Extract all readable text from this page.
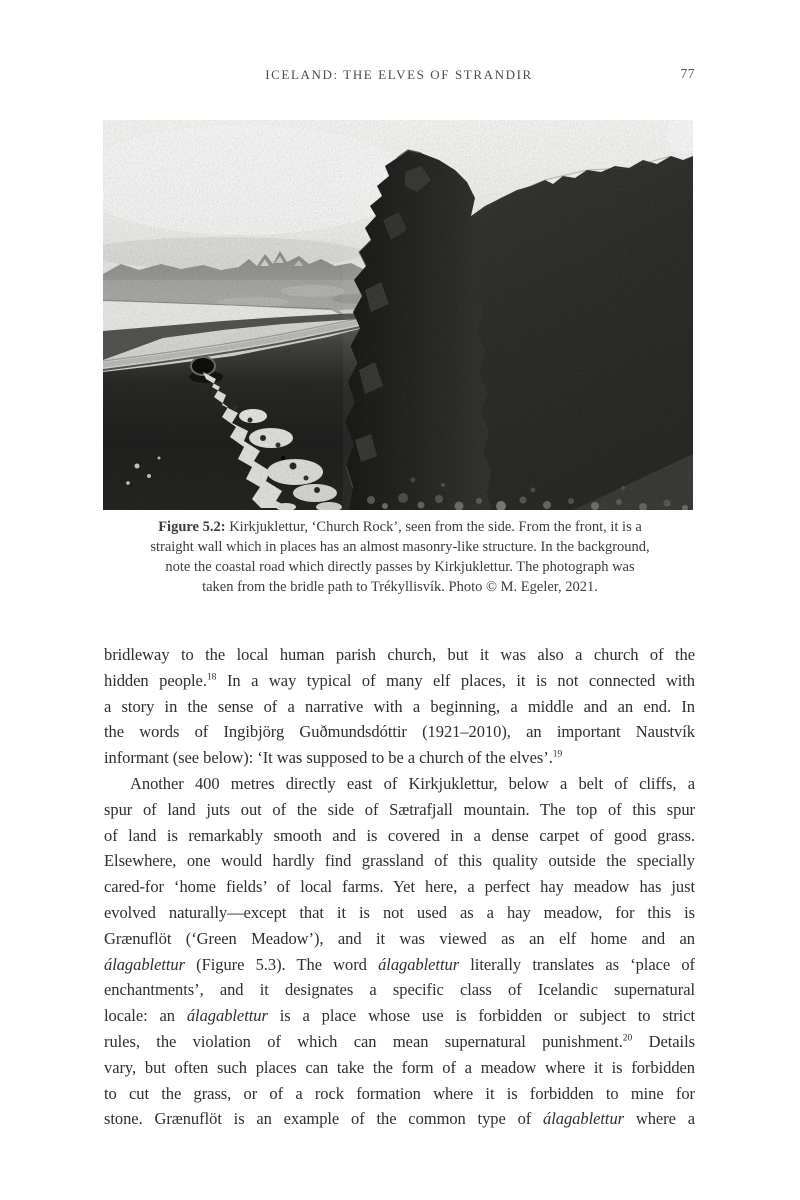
ICELAND: THE ELVES OF STRANDIR	77
Figure 5.2: Kirkjuklettur, ‘Church Rock’, seen from the side. From the front, it is a
straight wall which in places has an almost masonry-like structure. In the background,
note the coastal road which directly passes by Kirkjuklettur. The photograph was
taken from the bridle path to Trékyllisvík. Photo © M. Egeler, 2021.
bridleway to the local human parish church, but it was also a church of the
hidden people.$^{18}$ In a way typical of many elf places, it is not connected with
a story in the sense of a narrative with a beginning, a middle and an end. In
the words of Ingibjörg Guðmundsdóttir (1921–2010), an important Naustvík
informant (see below): ‘It was supposed to be a church of the elves’.$^{19}$
Another 400 metres directly east of Kirkjuklettur, below a belt of cliffs, a
spur of land juts out of the side of Sætrafjall mountain. The top of this spur
of land is remarkably smooth and is covered in a dense carpet of good grass.
Elsewhere, one would hardly find grassland of this quality outside the specially
cared-for ‘home fields’ of local farms. Yet here, a perfect hay meadow has just
evolved naturally—except that it is not used as a hay meadow, for this is
Grænuflöt (‘Green Meadow’), and it was viewed as an elf home and an
álagablettur (Figure 5.3). The word álagablettur literally translates as ‘place of
enchantments’, and it designates a specific class of Icelandic supernatural
locale: an álagablettur is a place whose use is forbidden or subject to strict
rules, the violation of which can mean supernatural punishment.$^{20}$ Details
vary, but often such places can take the form of a meadow where it is forbidden
to cut the grass, or of a rock formation where it is forbidden to mine for
stone. Grænuflöt is an example of the common type of álagablettur where a
